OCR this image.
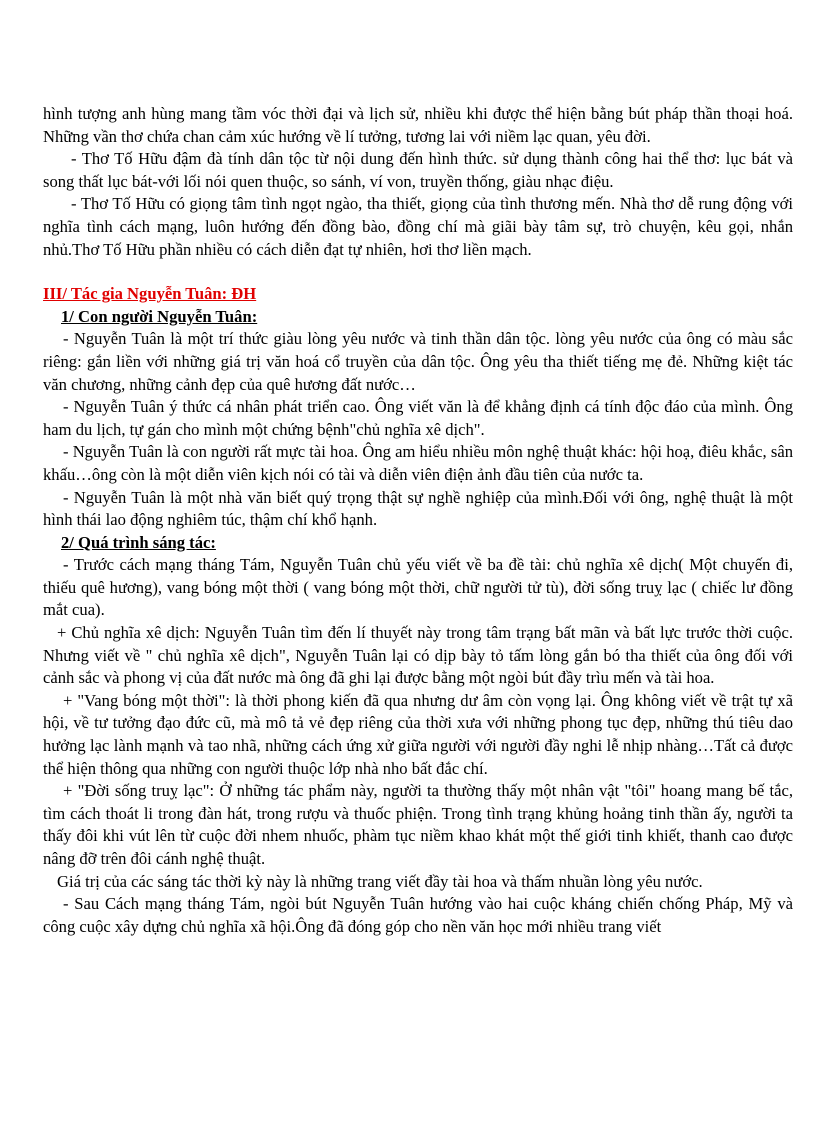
hình tượng anh hùng mang tầm vóc thời đại và lịch sử, nhiều khi được thể hiện bằng bút pháp thần thoại hoá. Những vần thơ chứa chan cảm xúc hướng về lí tưởng, tương lai với niềm lạc quan, yêu đời.

- Thơ Tố Hữu đậm đà tính dân tộc từ nội dung đến hình thức. sử dụng thành công hai thể thơ: lục bát và song thất lục bát-với lối nói quen thuộc, so sánh, ví von, truyền thống, giàu nhạc điệu.

- Thơ Tố Hữu có giọng tâm tình ngọt ngào, tha thiết, giọng của tình thương mến. Nhà thơ dễ rung động với nghĩa tình cách mạng, luôn hướng đến đồng bào, đồng chí mà giãi bày tâm sự, trò chuyện, kêu gọi, nhắn nhủ.Thơ Tố Hữu phần nhiều có cách diễn đạt tự nhiên, hơi thơ liền mạch.

III/ Tác gia Nguyễn Tuân: ĐH

1/ Con người Nguyễn Tuân:

- Nguyễn Tuân là một trí thức giàu lòng yêu nước và tinh thần dân tộc. lòng yêu nước của ông có màu sắc riêng: gắn liền với những giá trị văn hoá cổ truyền của dân tộc. Ông yêu tha thiết tiếng mẹ đẻ. Những kiệt tác văn chương, những cảnh đẹp của quê hương đất nước…

- Nguyễn Tuân ý thức cá nhân phát triển cao. Ông viết văn là để khẳng định cá tính độc đáo của mình. Ông ham du lịch, tự gán cho mình một chứng bệnh"chủ nghĩa xê dịch".

- Nguyễn Tuân là con người rất mực tài hoa. Ông am hiểu nhiều môn nghệ thuật khác: hội hoạ, điêu khắc, sân khấu…ông còn là một diễn viên kịch nói có tài và diễn viên điện ảnh đầu tiên của nước ta.

- Nguyễn Tuân là một nhà văn biết quý trọng thật sự nghề nghiệp của mình.Đối với ông, nghệ thuật là một hình thái lao động nghiêm túc, thậm chí khổ hạnh.

2/ Quá trình sáng tác:

- Trước cách mạng tháng Tám, Nguyễn Tuân chủ yếu viết về ba đề tài: chủ nghĩa xê dịch( Một chuyến đi, thiếu quê hương), vang bóng một thời ( vang bóng một thời, chữ người tử tù), đời sống truỵ lạc ( chiếc lư đồng mắt cua).

+ Chủ nghĩa xê dịch: Nguyễn Tuân tìm đến lí thuyết này trong tâm trạng bất mãn và bất lực trước thời cuộc. Nhưng viết về " chủ nghĩa xê dịch", Nguyễn Tuân lại có dịp bày tỏ tấm lòng gắn bó tha thiết của ông đối với cảnh sắc và phong vị của đất nước mà ông đã ghi lại được bằng một ngòi bút đầy trìu mến và tài hoa.

+ "Vang bóng một thời": là thời phong kiến đã qua nhưng dư âm còn vọng lại. Ông không viết về trật tự xã hội, về tư tưởng đạo đức cũ, mà mô tả vẻ đẹp riêng của thời xưa với những phong tục đẹp, những thú tiêu dao hưởng lạc lành mạnh và tao nhã, những cách ứng xử giữa người với người đầy nghi lễ nhịp nhàng…Tất cả được thể hiện thông qua những con người thuộc lớp nhà nho bất đắc chí.

+ "Đời sống truỵ lạc": Ở những tác phẩm này, người ta thường thấy một nhân vật "tôi" hoang mang bế tắc, tìm cách thoát li trong đàn hát, trong rượu và thuốc phiện. Trong tình trạng khủng hoảng tinh thần ấy, người ta thấy đôi khi vút lên từ cuộc đời nhem nhuốc, phàm tục niềm khao khát một thế giới tinh khiết, thanh cao được nâng đỡ trên đôi cánh nghệ thuật.

Giá trị của các sáng tác thời kỳ này là những trang viết đầy tài hoa và thấm nhuần lòng yêu nước.

- Sau Cách mạng tháng Tám, ngòi bút Nguyễn Tuân hướng vào hai cuộc kháng chiến chống Pháp, Mỹ và công cuộc xây dựng chủ nghĩa xã hội.Ông đã đóng góp cho nền văn học mới nhiều trang viết
